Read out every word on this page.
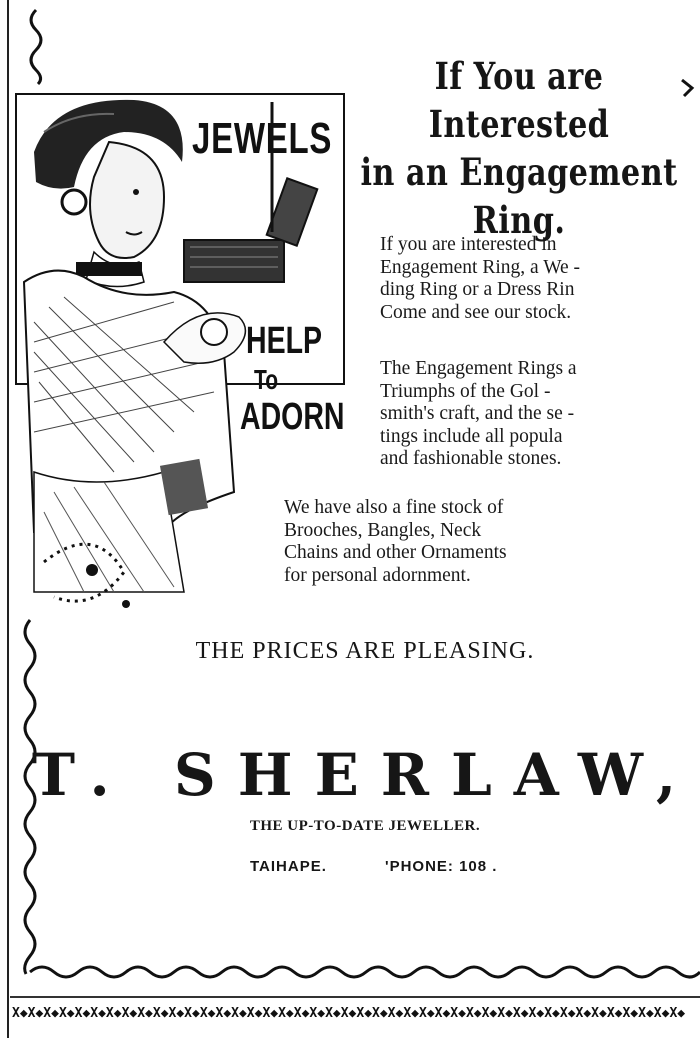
JEWELS
HELP
To
ADORN
If You are Interested
in an Engagement
Ring.
If you are interested in
Engagement Ring, a We -
ding Ring or a Dress Rin
Come and see our stock.
The Engagement Rings a
Triumphs of the Gol -
smith's craft, and the se -
tings include all popula
and fashionable stones.
We have also a fine stock of
Brooches, Bangles, Neck
Chains and other Ornaments
for personal adornment.
THE PRICES ARE PLEASING.
T. SHERLAW,
THE UP-TO-DATE JEWELLER.
TAIHAPE.	'PHONE: 108 .
X◆X◆X◆X◆X◆X◆X◆X◆X◆X◆X◆X◆X◆X◆X◆X◆X◆X◆X◆X◆X◆X◆X◆X◆X◆X◆X◆X◆X◆X◆X◆X◆X◆X◆X◆X◆X◆X◆X◆X◆X◆X◆X◆
